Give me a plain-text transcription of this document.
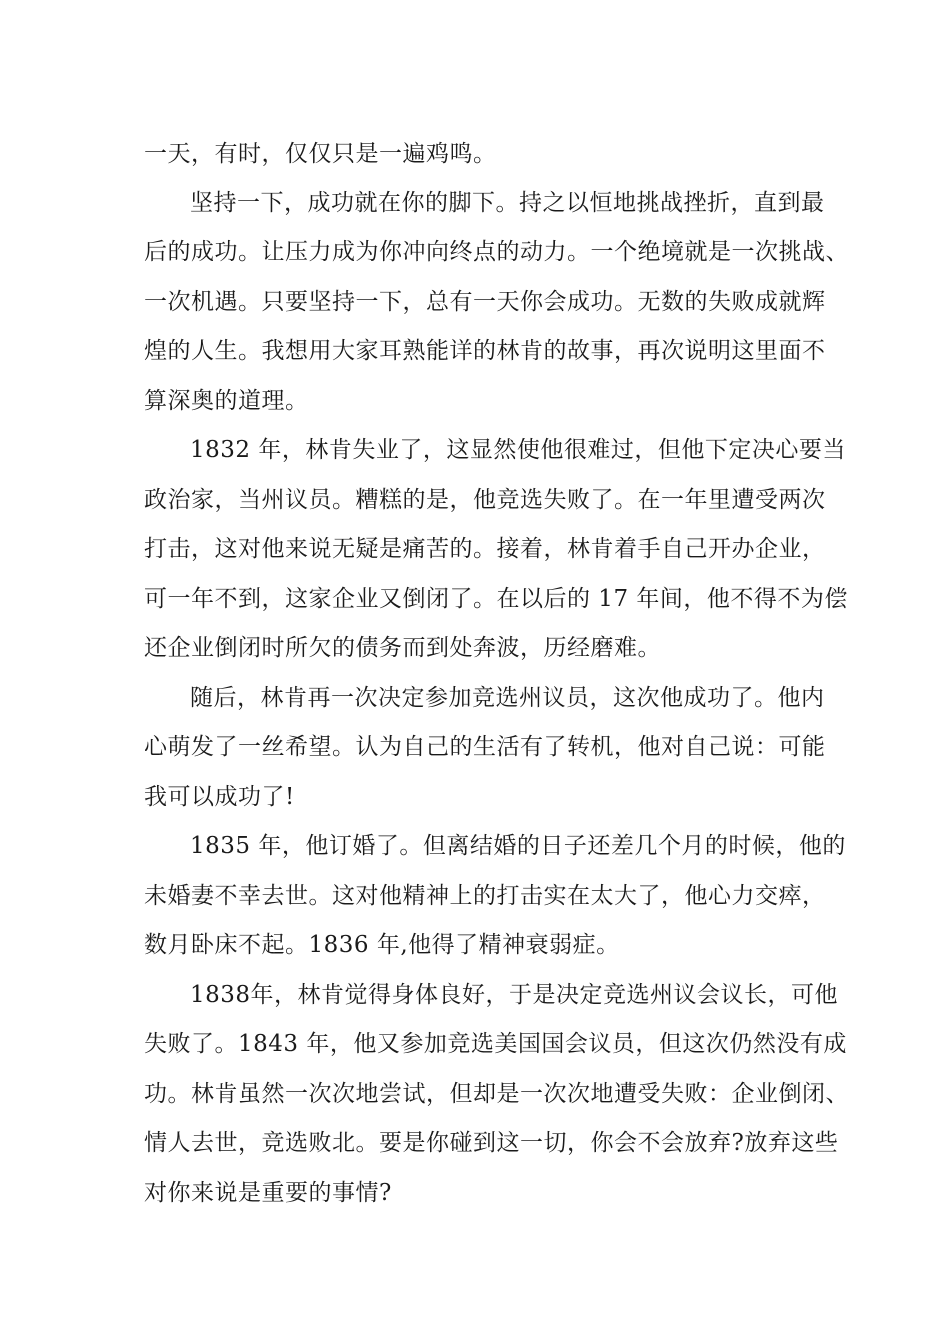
一天，有时，仅仅只是一遍鸡鸣。
坚持一下，成功就在你的脚下。持之以恒地挑战挫折，直到最
后的成功。让压力成为你冲向终点的动力。一个绝境就是一次挑战、
一次机遇。只要坚持一下，总有一天你会成功。无数的失败成就辉
煌的人生。我想用大家耳熟能详的林肯的故事，再次说明这里面不
算深奥的道理。
1832 年，林肯失业了，这显然使他很难过，但他下定决心要当
政治家，当州议员。糟糕的是，他竞选失败了。在一年里遭受两次
打击，这对他来说无疑是痛苦的。接着，林肯着手自己开办企业，
可一年不到，这家企业又倒闭了。在以后的 17 年间，他不得不为偿
还企业倒闭时所欠的债务而到处奔波，历经磨难。
随后，林肯再一次决定参加竞选州议员，这次他成功了。他内
心萌发了一丝希望。认为自己的生活有了转机，他对自己说：可能
我可以成功了!
1835 年，他订婚了。但离结婚的日子还差几个月的时候，他的
未婚妻不幸去世。这对他精神上的打击实在太大了，他心力交瘁，
数月卧床不起。1836 年,他得了精神衰弱症。
1838年，林肯觉得身体良好，于是决定竞选州议会议长，可他
失败了。1843 年，他又参加竞选美国国会议员，但这次仍然没有成
功。林肯虽然一次次地尝试，但却是一次次地遭受失败：企业倒闭、
情人去世，竞选败北。要是你碰到这一切，你会不会放弃?放弃这些
对你来说是重要的事情?
